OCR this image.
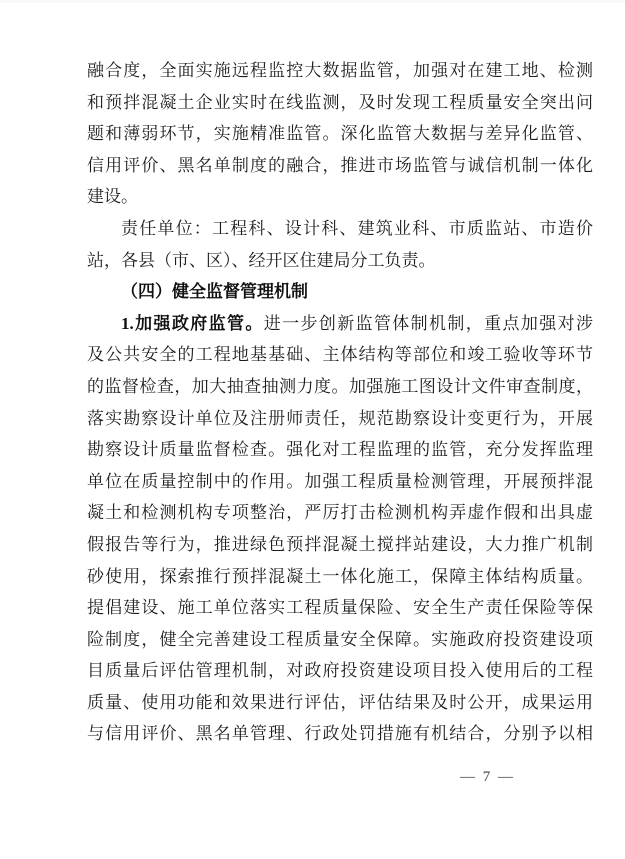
融合度，全面实施远程监控大数据监管，加强对在建工地、检测
和预拌混凝土企业实时在线监测，及时发现工程质量安全突出问
题和薄弱环节，实施精准监管。深化监管大数据与差异化监管、
信用评价、黑名单制度的融合，推进市场监管与诚信机制一体化
建设。
责任单位：工程科、设计科、建筑业科、市质监站、市造价
站，各县（市、区）、经开区住建局分工负责。
（四）健全监督管理机制
1.加强政府监管。进一步创新监管体制机制，重点加强对涉
及公共安全的工程地基基础、主体结构等部位和竣工验收等环节
的监督检查，加大抽查抽测力度。加强施工图设计文件审查制度，
落实勘察设计单位及注册师责任，规范勘察设计变更行为，开展
勘察设计质量监督检查。强化对工程监理的监管，充分发挥监理
单位在质量控制中的作用。加强工程质量检测管理，开展预拌混
凝土和检测机构专项整治，严厉打击检测机构弄虚作假和出具虚
假报告等行为，推进绿色预拌混凝土搅拌站建设，大力推广机制
砂使用，探索推行预拌混凝土一体化施工，保障主体结构质量。
提倡建设、施工单位落实工程质量保险、安全生产责任保险等保
险制度，健全完善建设工程质量安全保障。实施政府投资建设项
目质量后评估管理机制，对政府投资建设项目投入使用后的工程
质量、使用功能和效果进行评估，评估结果及时公开，成果运用
与信用评价、黑名单管理、行政处罚措施有机结合，分别予以相
— 7 —
